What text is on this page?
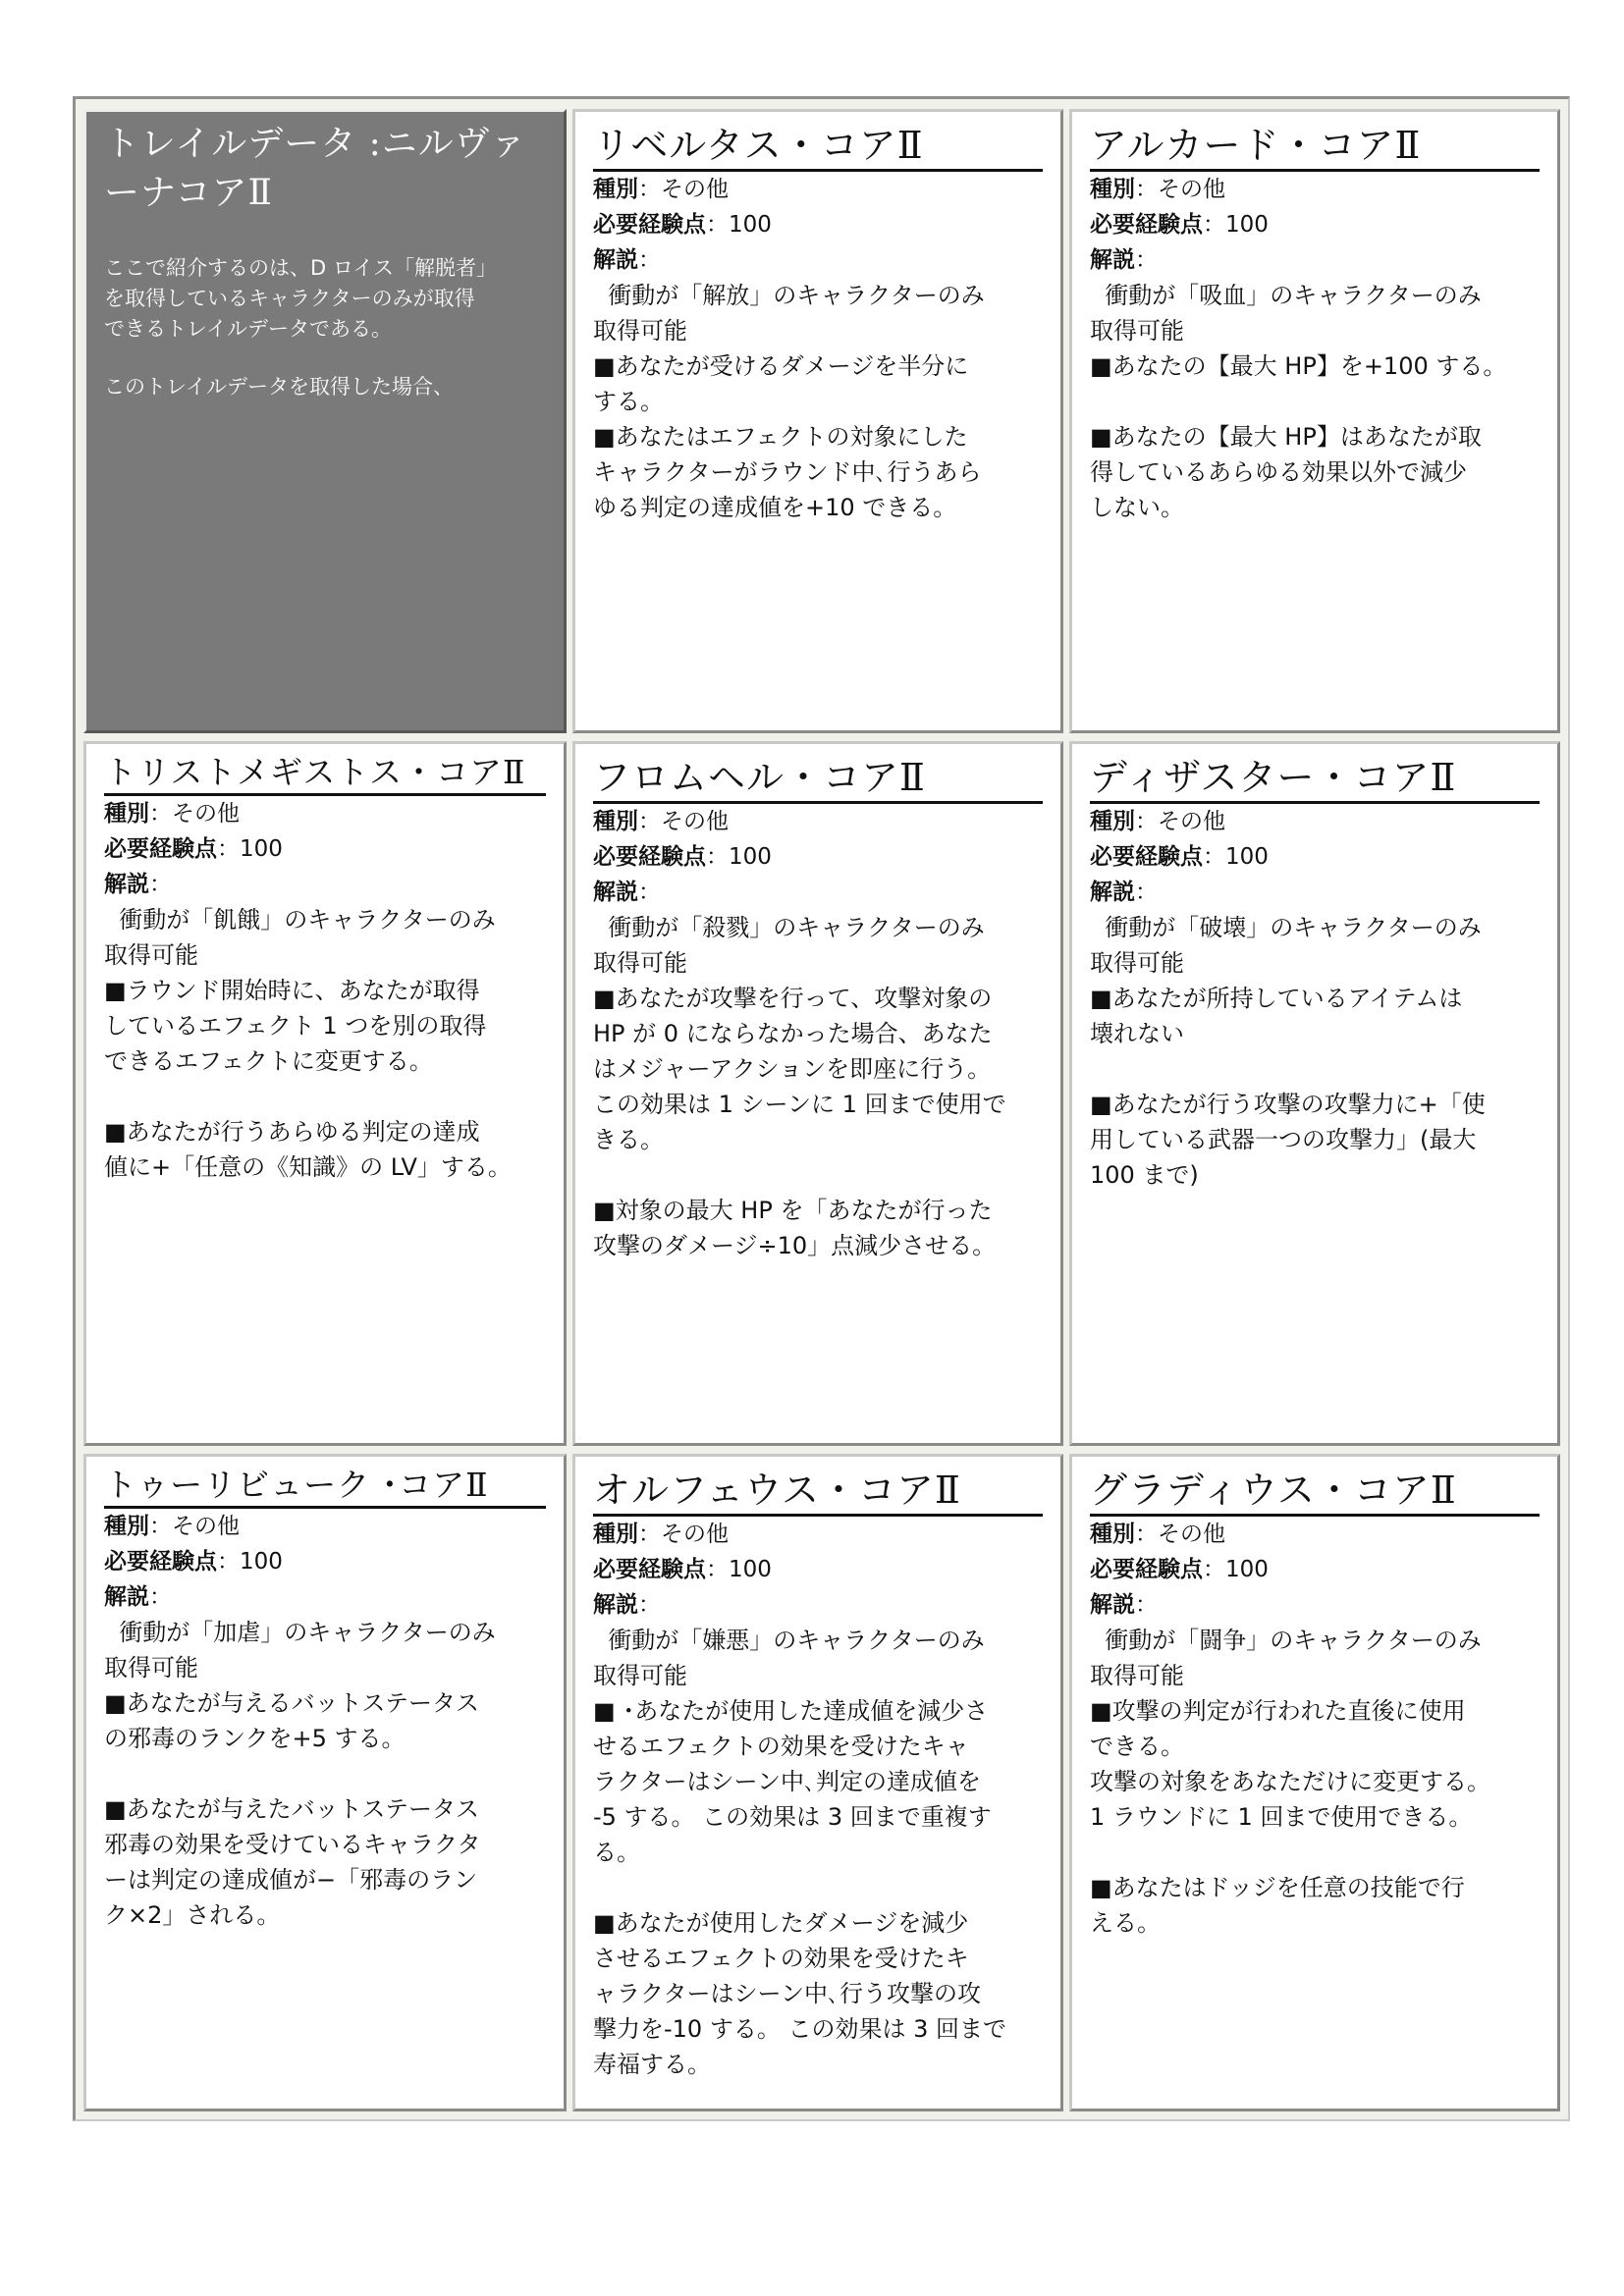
トレイルデータ :ニルヴァーナコアⅡ
ここで紹介するのは、D ロイス「解脱者」
を取得しているキャラクターのみが取得
できるトレイルデータである。
このトレイルデータを取得した場合、
リベルタス・コアⅡ
種別：その他
必要経験点：100
解説：
衝動が「解放」のキャラクターのみ
取得可能
■あなたが受けるダメージを半分に
する。
■あなたはエフェクトの対象にした
キャラクターがラウンド中､行うあら
ゆる判定の達成値を+10 できる。
アルカード・コアⅡ
種別：その他
必要経験点：100
解説：
衝動が「吸血」のキャラクターのみ
取得可能
■あなたの【最大 HP】を+100 する。

■あなたの【最大 HP】はあなたが取
得しているあらゆる効果以外で減少
しない。
トリストメギストス・コアⅡ
種別：その他
必要経験点：100
解説：
衝動が「飢餓」のキャラクターのみ
取得可能
■ラウンド開始時に、あなたが取得
しているエフェクト 1 つを別の取得
できるエフェクトに変更する。

■あなたが行うあらゆる判定の達成
値に+「任意の《知識》の LV」する。
フロムヘル・コアⅡ
種別：その他
必要経験点：100
解説：
衝動が「殺戮」のキャラクターのみ
取得可能
■あなたが攻撃を行って、攻撃対象の
HP が 0 にならなかった場合、あなた
はメジャーアクションを即座に行う。
この効果は 1 シーンに 1 回まで使用で
きる。

■対象の最大 HP を「あなたが行った
攻撃のダメージ÷10」点減少させる。
ディザスター・コアⅡ
種別：その他
必要経験点：100
解説：
衝動が「破壊」のキャラクターのみ
取得可能
■あなたが所持しているアイテムは
壊れない

■あなたが行う攻撃の攻撃力に+「使
用している武器一つの攻撃力」(最大
100 まで)
トゥーリビューク ･コアⅡ
種別：その他
必要経験点：100
解説：
衝動が「加虐」のキャラクターのみ
取得可能
■あなたが与えるバットステータス
の邪毒のランクを+5 する。

■あなたが与えたバットステータス
邪毒の効果を受けているキャラクタ
ーは判定の達成値が−「邪毒のラン
ク×2」される。
オルフェウス・コアⅡ
種別：その他
必要経験点：100
解説：
衝動が「嫌悪」のキャラクターのみ
取得可能
■ ･あなたが使用した達成値を減少さ
せるエフェクトの効果を受けたキャ
ラクターはシーン中､判定の達成値を
-5 する。 この効果は 3 回まで重複す
る。

■あなたが使用したダメージを減少
させるエフェクトの効果を受けたキ
ャラクターはシーン中､行う攻撃の攻
撃力を-10 する。 この効果は 3 回まで
寿福する。
グラディウス・コアⅡ
種別：その他
必要経験点：100
解説：
衝動が「闘争」のキャラクターのみ
取得可能
■攻撃の判定が行われた直後に使用
できる。
攻撃の対象をあなただけに変更する。
1 ラウンドに 1 回まで使用できる。

■あなたはドッジを任意の技能で行
える。
